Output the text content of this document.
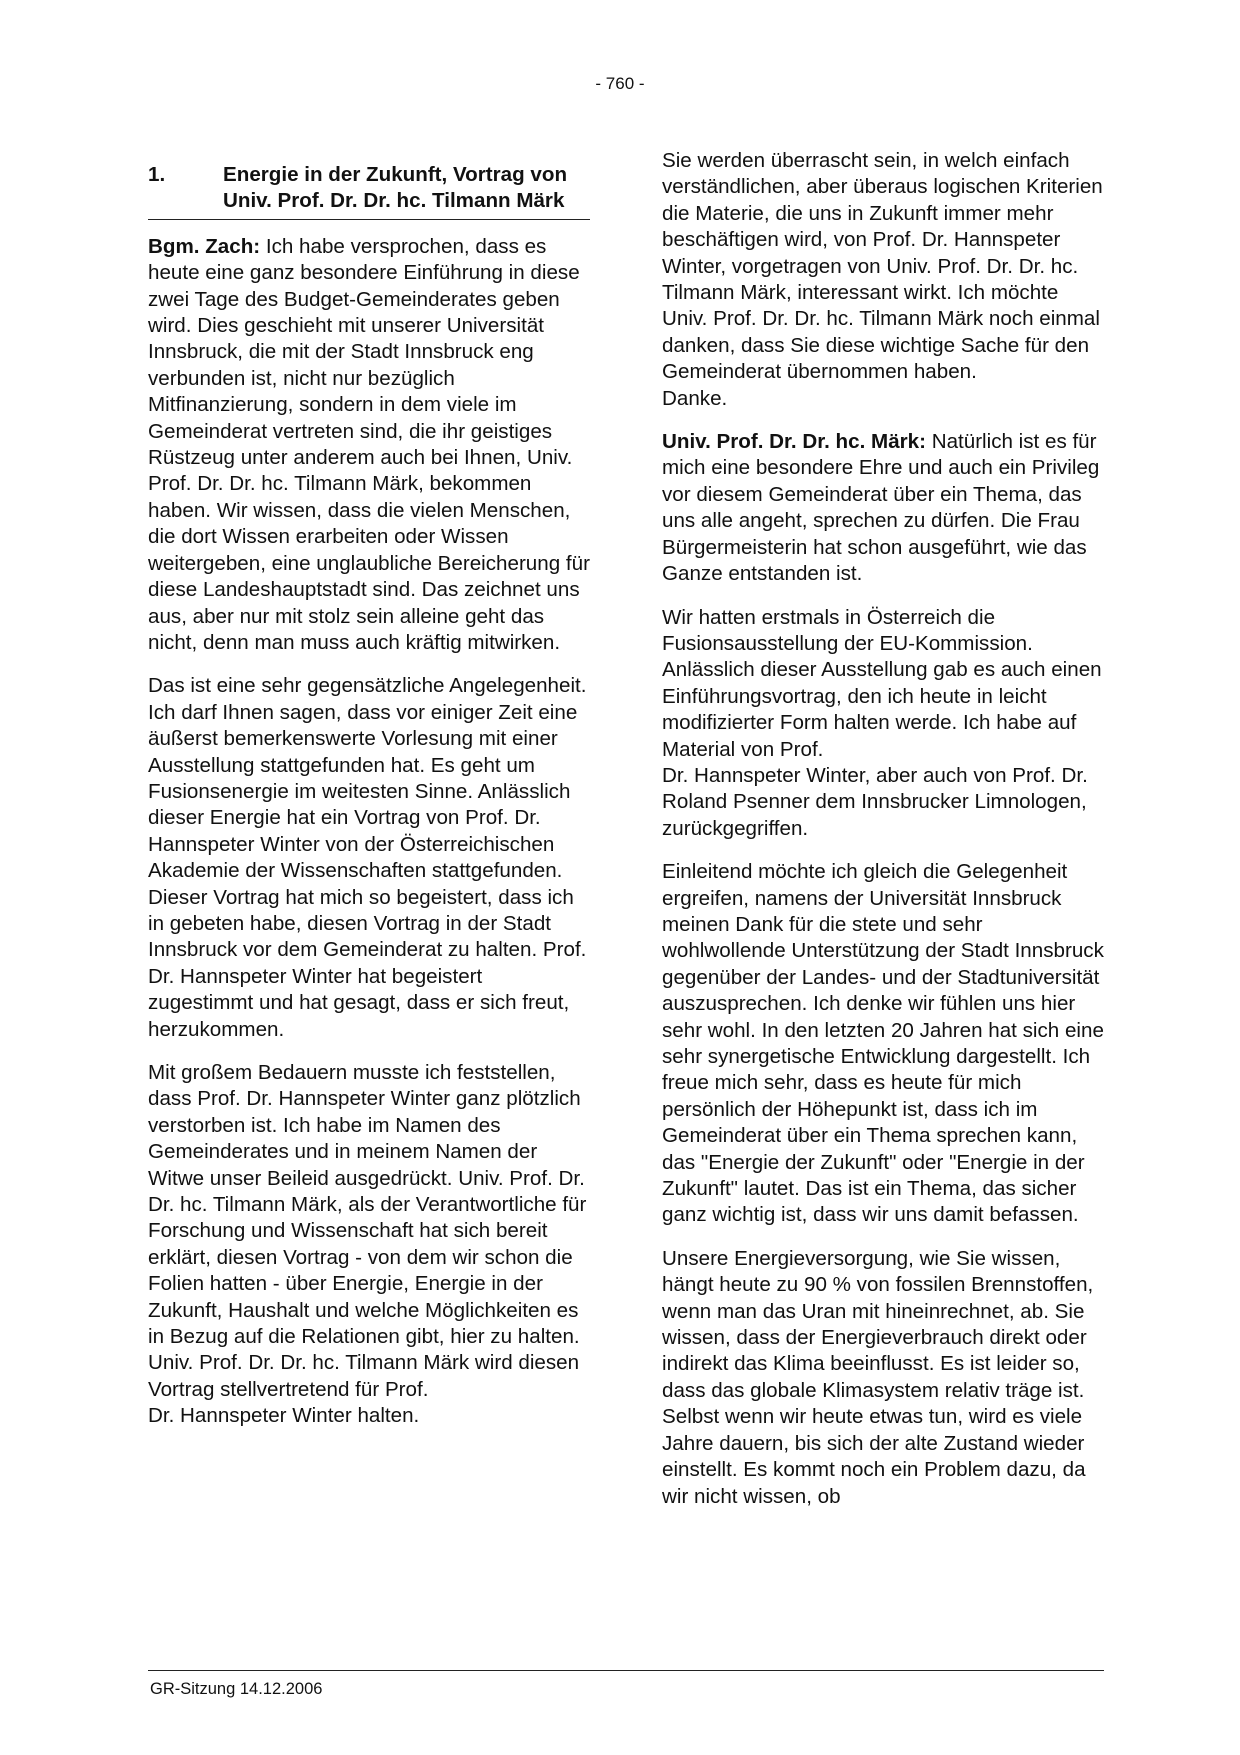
- 760 -
1.	Energie in der Zukunft, Vortrag von Univ. Prof. Dr. Dr. hc. Tilmann Märk

Bgm. Zach: Ich habe versprochen, dass es heute eine ganz besondere Einführung in diese zwei Tage des Budget-Gemeinderates geben wird. Dies geschieht mit unserer Universität Innsbruck, die mit der Stadt Innsbruck eng verbunden ist, nicht nur bezüglich Mitfinanzierung, sondern in dem viele im Gemeinderat vertreten sind, die ihr geistiges Rüstzeug unter anderem auch bei Ihnen, Univ. Prof. Dr. Dr. hc. Tilmann Märk, bekommen haben. Wir wissen, dass die vielen Menschen, die dort Wissen erarbeiten oder Wissen weitergeben, eine unglaubliche Bereicherung für diese Landeshauptstadt sind. Das zeichnet uns aus, aber nur mit stolz sein alleine geht das nicht, denn man muss auch kräftig mitwirken.

Das ist eine sehr gegensätzliche Angelegenheit. Ich darf Ihnen sagen, dass vor einiger Zeit eine äußerst bemerkenswerte Vorlesung mit einer Ausstellung stattgefunden hat. Es geht um Fusionsenergie im weitesten Sinne. Anlässlich dieser Energie hat ein Vortrag von Prof. Dr. Hannspeter Winter von der Österreichischen Akademie der Wissenschaften stattgefunden. Dieser Vortrag hat mich so begeistert, dass ich in gebeten habe, diesen Vortrag in der Stadt Innsbruck vor dem Gemeinderat zu halten. Prof. Dr. Hannspeter Winter hat begeistert zugestimmt und hat gesagt, dass er sich freut, herzukommen.

Mit großem Bedauern musste ich feststellen, dass Prof. Dr. Hannspeter Winter ganz plötzlich verstorben ist. Ich habe im Namen des Gemeinderates und in meinem Namen der Witwe unser Beileid ausgedrückt. Univ. Prof. Dr. Dr. hc. Tilmann Märk, als der Verantwortliche für Forschung und Wissenschaft hat sich bereit erklärt, diesen Vortrag - von dem wir schon die Folien hatten - über Energie, Energie in der Zukunft, Haushalt und welche Möglichkeiten es in Bezug auf die Relationen gibt, hier zu halten. Univ. Prof. Dr. Dr. hc. Tilmann Märk wird diesen Vortrag stellvertretend für Prof.
Dr. Hannspeter Winter halten.

Sie werden überrascht sein, in welch einfach verständlichen, aber überaus logischen Kriterien die Materie, die uns in Zukunft immer mehr beschäftigen wird, von Prof. Dr. Hannspeter Winter, vorgetragen von Univ. Prof. Dr. Dr. hc. Tilmann Märk, interessant wirkt. Ich möchte Univ. Prof. Dr. Dr. hc. Tilmann Märk noch einmal danken, dass Sie diese wichtige Sache für den Gemeinderat übernommen haben.
Danke.

Univ. Prof. Dr. Dr. hc. Märk: Natürlich ist es für mich eine besondere Ehre und auch ein Privileg vor diesem Gemeinderat über ein Thema, das uns alle angeht, sprechen zu dürfen. Die Frau Bürgermeisterin hat schon ausgeführt, wie das Ganze entstanden ist.

Wir hatten erstmals in Österreich die Fusionsausstellung der EU-Kommission. Anlässlich dieser Ausstellung gab es auch einen Einführungsvortrag, den ich heute in leicht modifizierter Form halten werde. Ich habe auf Material von Prof.
Dr. Hannspeter Winter, aber auch von Prof. Dr. Roland Psenner dem Innsbrucker Limnologen, zurückgegriffen.

Einleitend möchte ich gleich die Gelegenheit ergreifen, namens der Universität Innsbruck meinen Dank für die stete und sehr wohlwollende Unterstützung der Stadt Innsbruck gegenüber der Landes- und der Stadtuniversität auszusprechen. Ich denke wir fühlen uns hier sehr wohl. In den letzten 20 Jahren hat sich eine sehr synergetische Entwicklung dargestellt. Ich freue mich sehr, dass es heute für mich persönlich der Höhepunkt ist, dass ich im Gemeinderat über ein Thema sprechen kann, das "Energie der Zukunft" oder "Energie in der Zukunft" lautet. Das ist ein Thema, das sicher ganz wichtig ist, dass wir uns damit befassen.

Unsere Energieversorgung, wie Sie wissen, hängt heute zu 90 % von fossilen Brennstoffen, wenn man das Uran mit hineinrechnet, ab. Sie wissen, dass der Energieverbrauch direkt oder indirekt das Klima beeinflusst. Es ist leider so, dass das globale Klimasystem relativ träge ist. Selbst wenn wir heute etwas tun, wird es viele Jahre dauern, bis sich der alte Zustand wieder einstellt. Es kommt noch ein Problem dazu, da wir nicht wissen, ob

GR-Sitzung 14.12.2006
